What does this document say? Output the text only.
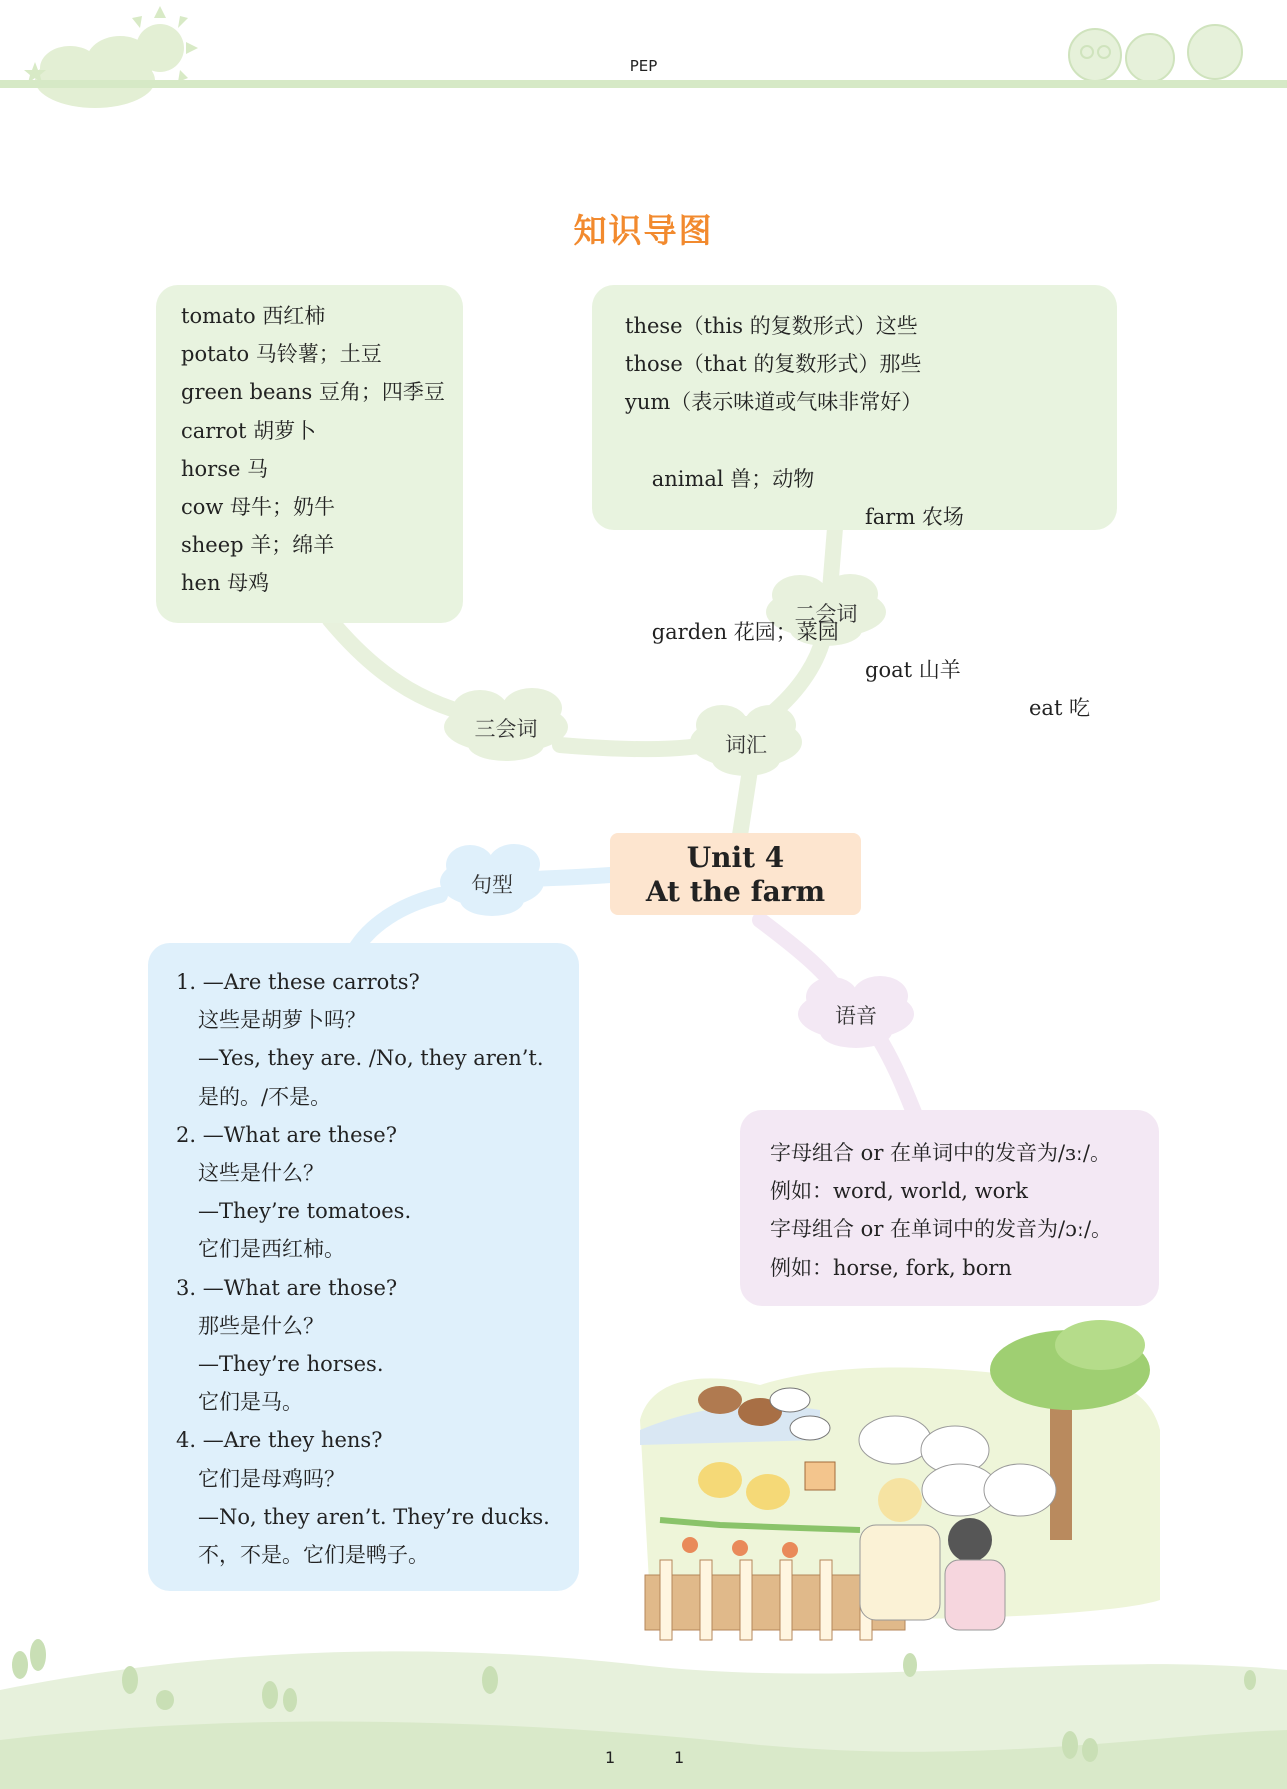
PEP
知识导图
tomato 西红柿
potato 马铃薯；土豆
green beans 豆角；四季豆
carrot 胡萝卜
horse 马
cow 母牛；奶牛
sheep 羊；绵羊
hen 母鸡
these（this 的复数形式）这些
those（that 的复数形式）那些
yum（表示味道或气味非常好）

animal 兽；动物

farm 农场

garden 花园；菜园

goat 山羊

eat 吃

二会词
三会词
词汇
句型
语音
Unit 4
At the farm
1. —Are these carrots?
这些是胡萝卜吗？
—Yes, they are. /No, they aren’t.
是的。/不是。
2. —What are these?
这些是什么？
—They’re tomatoes.
它们是西红柿。
3. —What are those?
那些是什么？
—They’re horses.
它们是马。
4. —Are they hens?
它们是母鸡吗？
—No, they aren’t. They’re ducks.
不，不是。它们是鸭子。
字母组合 or 在单词中的发音为/ɜː/。
例如：word, world, work
字母组合 or 在单词中的发音为/ɔː/。
例如：horse, fork, born
1	1
